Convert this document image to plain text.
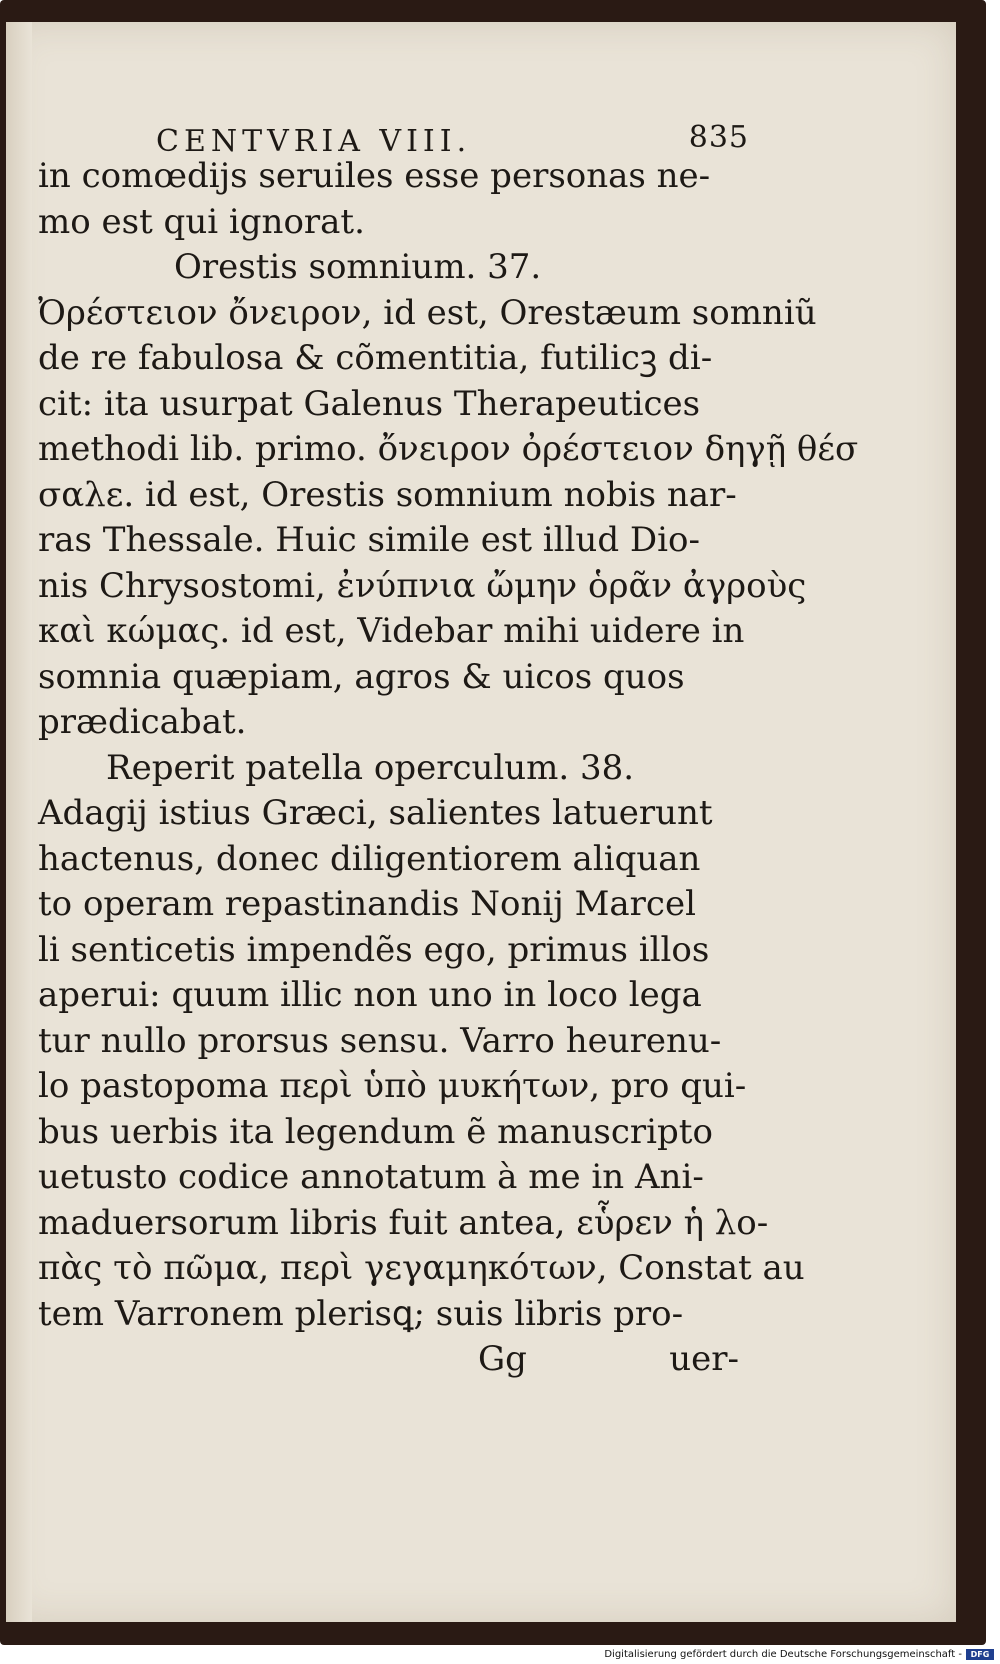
CENTVRIA VIII.	835
in comœdijs seruiles esse personas ne-
mo est qui ignorat.
Orestis somnium. 37.
Ὀρέστειον ὄνειρον, id est, Orestæum somniũ
de re fabulosa & cõmentitia, futilicꝫ di-
cit: ita usurpat Galenus Therapeutices
methodi lib. primo. ὄνειρον ὀρέστειον δηγῇ θέσ
σαλε. id est, Orestis somnium nobis nar-
ras Thessale. Huic simile est illud Dio-
nis Chrysostomi, ἐνύπνια ὤμην ὁρᾶν ἀγροὺς
καὶ κώμας. id est, Videbar mihi uidere in
somnia quæpiam, agros & uicos quos
prædicabat.
Reperit patella operculum. 38.
Adagij istius Græci, salientes latuerunt
hactenus, donec diligentiorem aliquan
to operam repastinandis Nonij Marcel
li senticetis impendẽs ego, primus illos
aperui: quum illic non uno in loco lega
tur nullo prorsus sensu. Varro heurenu-
lo pastopoma περὶ ὑπὸ μυκήτων, pro qui-
bus uerbis ita legendum ẽ manuscripto
uetusto codice annotatum à me in Ani-
maduersorum libris fuit antea, εὗρεν ἡ λο-
πὰς τὸ πῶμα, περὶ γεγαμηκότων, Constat au
tem Varronem plerisꝗ; suis libris pro-
Gg	uer-
Digitalisierung gefördert durch die Deutsche Forschungsgemeinschaft -	DFG
